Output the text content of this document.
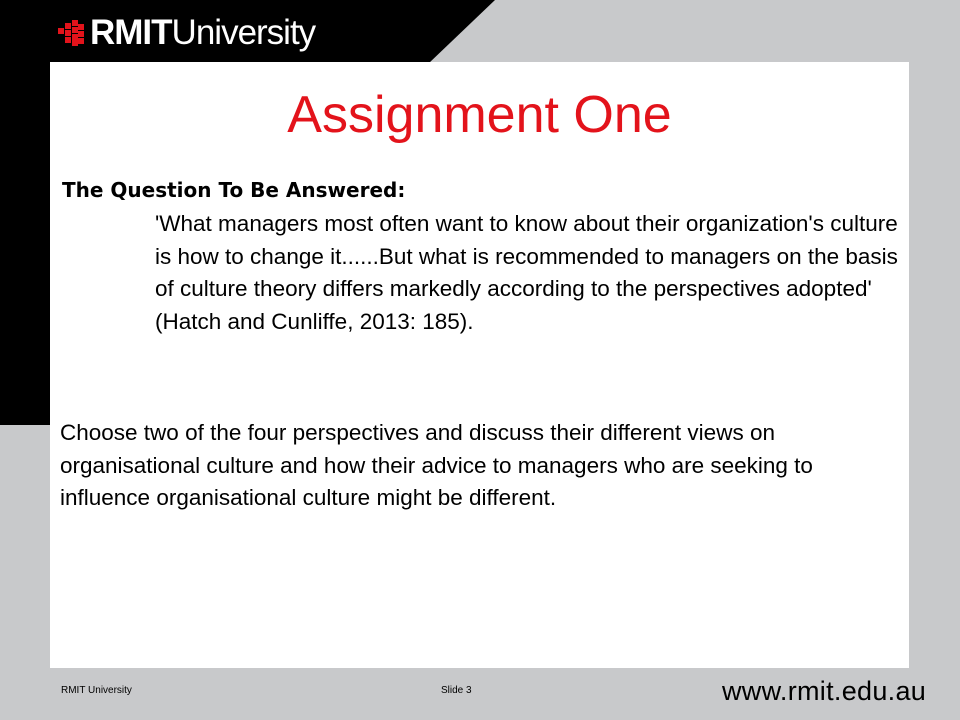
RMITUniversity
Assignment One

The Question To Be Answered:

'What managers most often want to know about their organization's culture is how to change it......But what is recommended to managers on the basis of culture theory differs markedly according to the perspectives adopted' (Hatch and Cunliffe, 2013: 185).

Choose two of the four perspectives and discuss their different views on organisational culture and how their advice to managers who are seeking to influence organisational culture might be different.

RMIT University	Slide 3	www.rmit.edu.au
